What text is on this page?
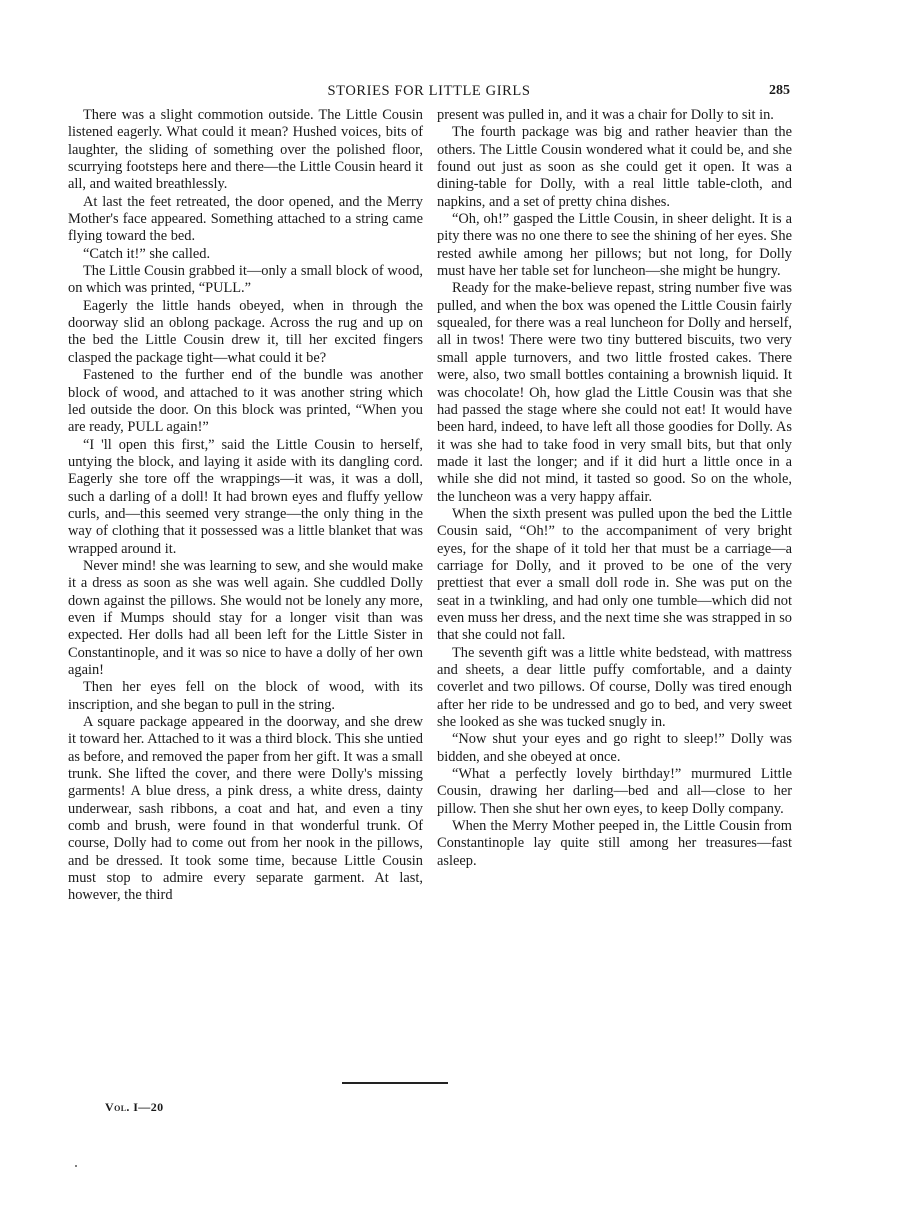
STORIES FOR LITTLE GIRLS	285

There was a slight commotion outside. The Little Cousin listened eagerly. What could it mean? Hushed voices, bits of laughter, the sliding of something over the polished floor, scurrying footsteps here and there—the Little Cousin heard it all, and waited breathlessly.

At last the feet retreated, the door opened, and the Merry Mother's face appeared. Something attached to a string came flying toward the bed.

“Catch it!” she called.

The Little Cousin grabbed it—only a small block of wood, on which was printed, “PULL.”

Eagerly the little hands obeyed, when in through the doorway slid an oblong package. Across the rug and up on the bed the Little Cousin drew it, till her excited fingers clasped the package tight—what could it be?

Fastened to the further end of the bundle was another block of wood, and attached to it was another string which led outside the door. On this block was printed, “When you are ready, PULL again!”

“I 'll open this first,” said the Little Cousin to herself, untying the block, and laying it aside with its dangling cord. Eagerly she tore off the wrappings—it was, it was a doll, such a darling of a doll! It had brown eyes and fluffy yellow curls, and—this seemed very strange—the only thing in the way of clothing that it possessed was a little blanket that was wrapped around it.

Never mind! she was learning to sew, and she would make it a dress as soon as she was well again. She cuddled Dolly down against the pillows. She would not be lonely any more, even if Mumps should stay for a longer visit than was expected. Her dolls had all been left for the Little Sister in Constantinople, and it was so nice to have a dolly of her own again!

Then her eyes fell on the block of wood, with its inscription, and she began to pull in the string.

A square package appeared in the doorway, and she drew it toward her. Attached to it was a third block. This she untied as before, and removed the paper from her gift. It was a small trunk. She lifted the cover, and there were Dolly's missing garments! A blue dress, a pink dress, a white dress, dainty underwear, sash ribbons, a coat and hat, and even a tiny comb and brush, were found in that wonderful trunk. Of course, Dolly had to come out from her nook in the pillows, and be dressed. It took some time, because Little Cousin must stop to admire every separate garment. At last, however, the third

present was pulled in, and it was a chair for Dolly to sit in.

The fourth package was big and rather heavier than the others. The Little Cousin wondered what it could be, and she found out just as soon as she could get it open. It was a dining-table for Dolly, with a real little table-cloth, and napkins, and a set of pretty china dishes.

“Oh, oh!” gasped the Little Cousin, in sheer delight. It is a pity there was no one there to see the shining of her eyes. She rested awhile among her pillows; but not long, for Dolly must have her table set for luncheon—she might be hungry.

Ready for the make-believe repast, string number five was pulled, and when the box was opened the Little Cousin fairly squealed, for there was a real luncheon for Dolly and herself, all in twos! There were two tiny buttered biscuits, two very small apple turnovers, and two little frosted cakes. There were, also, two small bottles containing a brownish liquid. It was chocolate! Oh, how glad the Little Cousin was that she had passed the stage where she could not eat! It would have been hard, indeed, to have left all those goodies for Dolly. As it was she had to take food in very small bits, but that only made it last the longer; and if it did hurt a little once in a while she did not mind, it tasted so good. So on the whole, the luncheon was a very happy affair.

When the sixth present was pulled upon the bed the Little Cousin said, “Oh!” to the accompaniment of very bright eyes, for the shape of it told her that must be a carriage—a carriage for Dolly, and it proved to be one of the very prettiest that ever a small doll rode in. She was put on the seat in a twinkling, and had only one tumble—which did not even muss her dress, and the next time she was strapped in so that she could not fall.

The seventh gift was a little white bedstead, with mattress and sheets, a dear little puffy comfortable, and a dainty coverlet and two pillows. Of course, Dolly was tired enough after her ride to be undressed and go to bed, and very sweet she looked as she was tucked snugly in.

“Now shut your eyes and go right to sleep!” Dolly was bidden, and she obeyed at once.

“What a perfectly lovely birthday!” murmured Little Cousin, drawing her darling—bed and all—close to her pillow. Then she shut her own eyes, to keep Dolly company.

When the Merry Mother peeped in, the Little Cousin from Constantinople lay quite still among her treasures—fast asleep.

Vol. I—20
